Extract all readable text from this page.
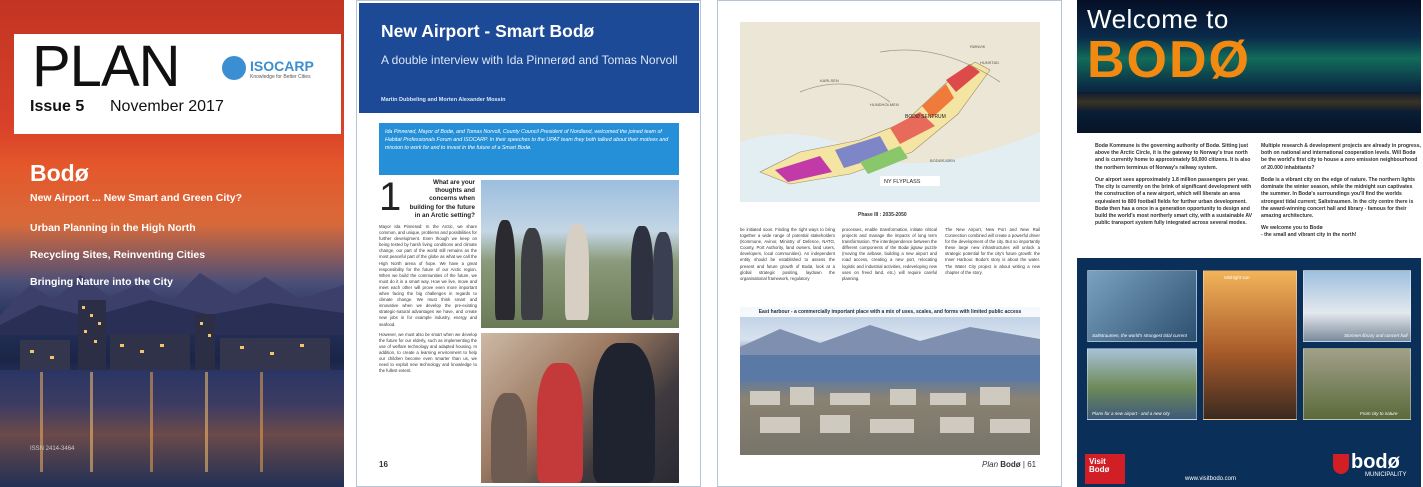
PLAN
Issue 5 November 2017
ISOCARP
Knowledge for Better Cities
Bodø
New Airport ... New Smart and Green City?
Urban Planning in the High North
Recycling Sites, Reinventing Cities
Bringing Nature into the City
ISSN 2414-3464
New Airport - Smart Bodø
A double interview with Ida Pinnerød and Tomas Norvoll
Martin Dubbeling and Morten Alexander Mossin
Ida Pinnerød, Mayor of Bodø, and Tomas Norvoll, County Council President of Nordland, welcomed the joined team of Habitat Professionals Forum and ISOCARP. In their speeches to the UPAT team they both talked about their motives and mission to work for and to invest in the future of a Smart Bodø.
1	What are your thoughts and concerns when building for the future in an Arctic setting?

Mayor Ida Pinnerød: In the Arctic, we share common, and unique, problems and possibilities for further development. Even though we keep on being tested by harsh living conditions and climate change, our part of the world still remains as the most peaceful part of the globe as what we call the High North arena of hope. We have a great responsibility for the future of our Arctic region. When we build the communities of the future, we must do it in a smart way. How we live, move and meet each other will prove even more important when facing the big challenges in regards to climate change. We must think smart and innovative when we develop the pre-existing strategic-natural advantages we have, and create new jobs in for example industry, energy and seafood.

However, we must also be smart when we develop the future for our elderly, such as implementing the use of welfare technology and adapted housing. In addition, to create a learning environment to help our children become even smarter than us, we need to exploit new technology and knowledge to the fullest extent.

16
NY FLYPLASS
BODØ SENTRUM
KARLSEN
RØNVIK
HUNSTAD
BODØSJØEN
HUNDHOLMEN
Phase III : 2035-2050
be initiated soon. Finding the right ways to bring together a wide range of potential stakeholders (Kommune, Avinor, Ministry of Defence, NATO, County, Port Authority, land owners, land users, developers, local communities). An independent entity should be established to assess the present and future growth of Bodø, look at a global strategic positing, laydown the organisational framework, regulatory
processes, enable transformation, initiate critical projects and manage the impacts of long term transformation. The interdependence between the different components of the Bodø jigsaw puzzle (moving the airbase, building a new airport and road access, creating a new port, relocating logistic and industrial activities, redeveloping new uses on freed land, etc.) will require careful planning.
The New Airport, New Port and New Rail Connection combined will create a powerful driver for the development of the city. But so importantly these large new infrastructures will unlock a strategic potential for the city's future growth: the Inner Harbour. Bodø's story is about the water. The Water City project is about writing a new chapter of the story.
East harbour - a commercially important place with a mix of uses, scales, and forms with limited public access
Plan Bodø | 61
Welcome to
BODØ

Bodø Kommune is the governing authority of Bodø. Sitting just above the Arctic Circle, it is the gateway to Norway's true north and is currently home to approximately 50,000 citizens. It is also the northern terminus of Norway's railway system.

Our airport sees approximately 1.8 million passengers per year. The city is currently on the brink of significant development with the construction of a new airport, which will liberate an area equivalent to 800 football fields for further urban development. Bodø then has a once in a generation opportunity to design and build the world's most northerly smart city, with a sustainable AV public transport system fully integrated across several modes.

Multiple research & development projects are already in progress, both on national and international cooperation levels. Will Bodø be the world's first city to house a zero emission neighbourhood of 20.000 inhabitants?

Bodø is a vibrant city on the edge of nature. The northern lights dominate the winter season, while the midnight sun captivates the summer. In Bodø's surroundings you'll find the worlds strongest tidal current; Saltstraumen. In the city centre there is the award-winning concert hall and library - famous for their amazing architecture.

We welcome you to Bodø
- the small and vibrant city in the north!
Saltstraumen, the world's strongest tidal current
Midnight sun
Stormen library and concert hall
Plans for a new airport - and a new city	From city to nature
Visit Bodø
www.visitbodo.com
bodø
MUNICIPALITY
